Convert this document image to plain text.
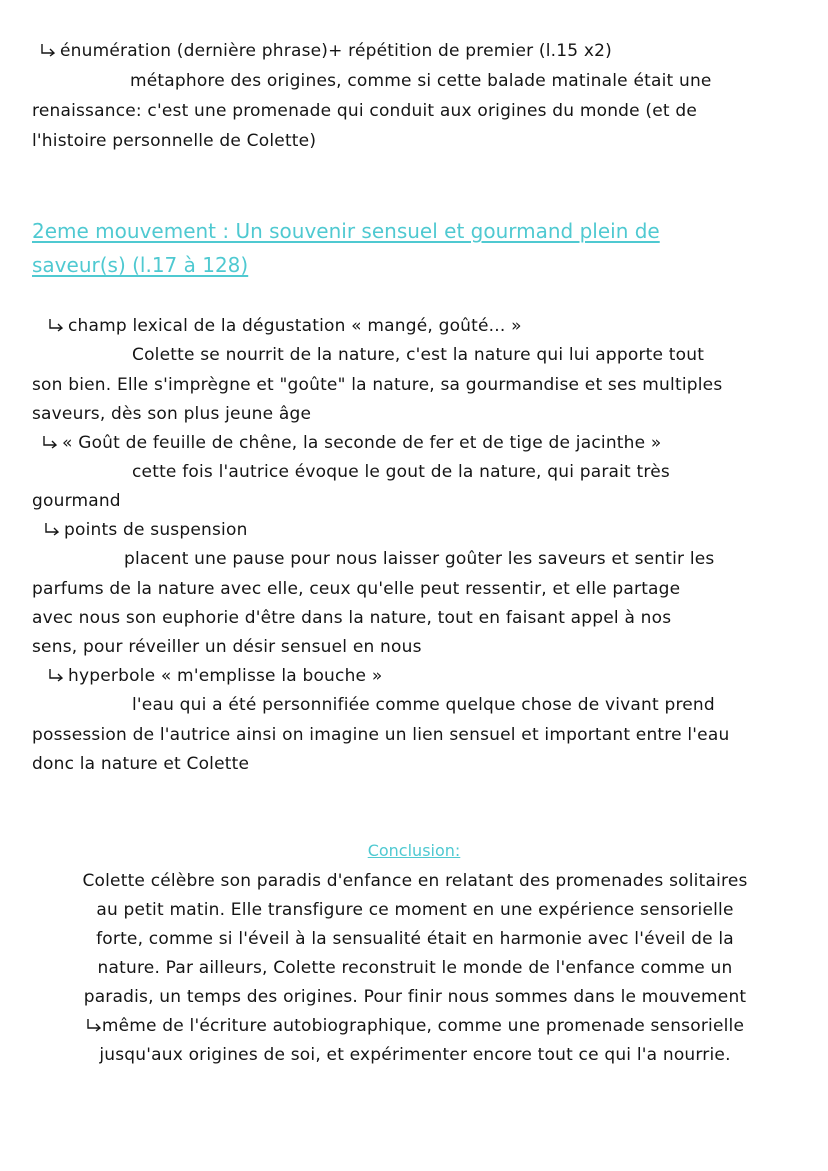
énumération (dernière phrase)+ répétition de premier (l.15 x2)
métaphore des origines, comme si cette balade matinale était une
renaissance: c'est une promenade qui conduit aux origines du monde (et de
l'histoire personnelle de Colette)
2eme mouvement : Un souvenir sensuel et gourmand plein de
saveur(s) (l.17 à 128)
champ lexical de la dégustation « mangé, goûté... »
Colette se nourrit de la nature, c'est la nature qui lui apporte tout
son bien. Elle s'imprègne et "goûte" la nature, sa gourmandise et ses multiples
saveurs, dès son plus jeune âge
« Goût de feuille de chêne, la seconde de fer et de tige de jacinthe »
cette fois l'autrice évoque le gout de la nature, qui parait très
gourmand
points de suspension
placent une pause pour nous laisser goûter les saveurs et sentir les
parfums de la nature avec elle, ceux qu'elle peut ressentir, et elle partage
avec nous son euphorie d'être dans la nature, tout en faisant appel à nos
sens, pour réveiller un désir sensuel en nous
hyperbole « m'emplisse la bouche »
l'eau qui a été personnifiée comme quelque chose de vivant prend
possession de l'autrice ainsi on imagine un lien sensuel et important entre l'eau
donc la nature et Colette
Conclusion:
Colette célèbre son paradis d'enfance en relatant des promenades solitaires
au petit matin. Elle transfigure ce moment en une expérience sensorielle
forte, comme si l'éveil à la sensualité était en harmonie avec l'éveil de la
nature. Par ailleurs, Colette reconstruit le monde de l'enfance comme un
paradis, un temps des origines. Pour finir nous sommes dans le mouvement
même de l'écriture autobiographique, comme une promenade sensorielle
jusqu'aux origines de soi, et expérimenter encore tout ce qui l'a nourrie.
